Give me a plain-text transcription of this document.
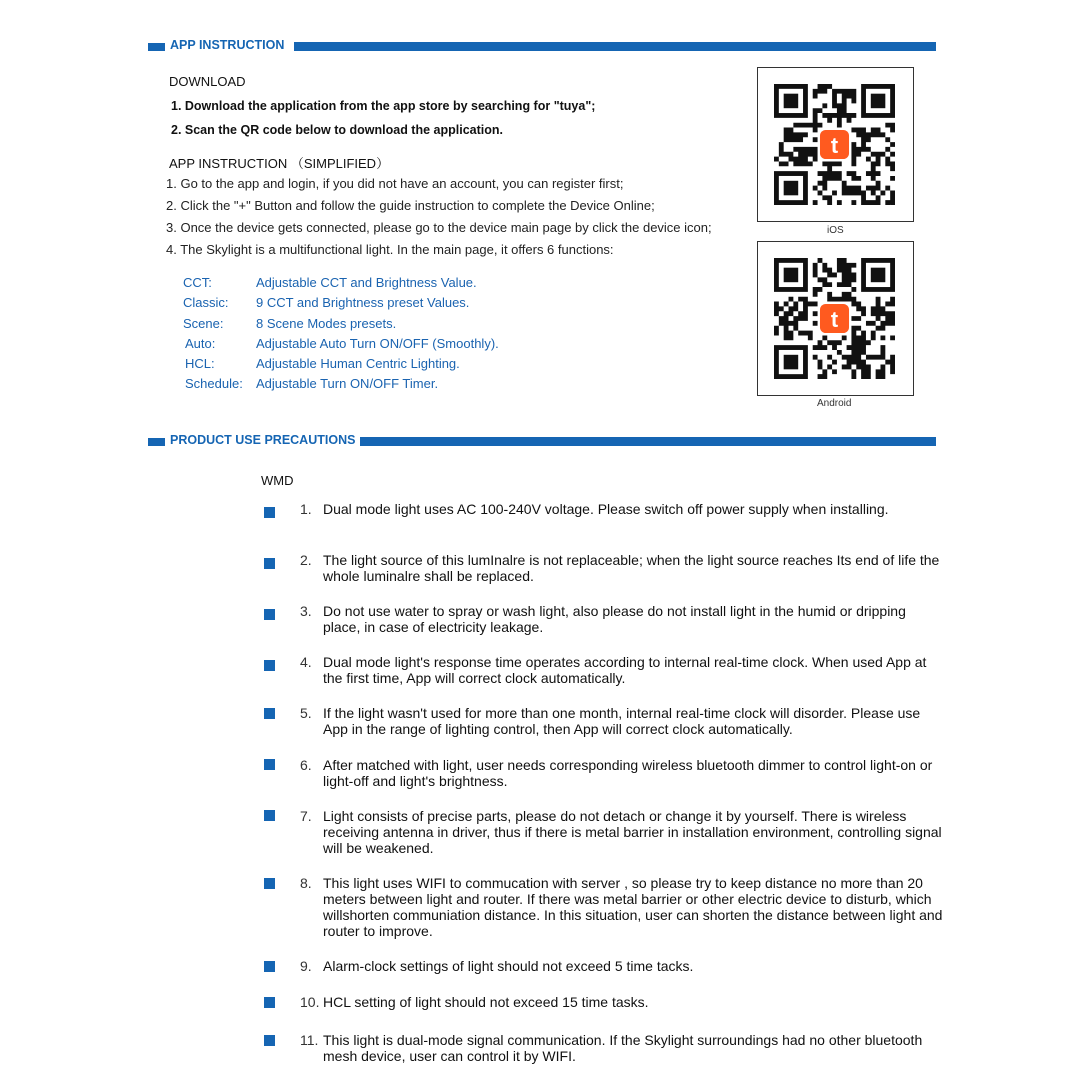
APP INSTRUCTION
DOWNLOAD
1. Download the application from the app store by searching for "tuya";
2. Scan the QR code below to download the application.
APP INSTRUCTION （SIMPLIFIED）
1. Go to the app and login, if you did not have an account, you can register first;
2. Click the "+" Button and follow the guide instruction to complete the Device Online;
3. Once the device gets connected, please go to the device main page by click the device icon;
4. The Skylight is a multifunctional light. In the main page, it offers 6 functions:
CCT:	Adjustable CCT and Brightness Value.
Classic: 9 CCT and Brightness preset Values.
Scene:	8 Scene Modes presets.
Auto:	Adjustable Auto Turn ON/OFF (Smoothly).
HCL:	Adjustable Human Centric Lighting.
Schedule: Adjustable Turn ON/OFF Timer.
t
iOS
t
Android
PRODUCT USE PRECAUTIONS
WMD
1. Dual mode light uses AC 100-240V voltage. Please switch off power supply when installing.
2. The light source of this lumInalre is not replaceable; when the light source reaches Its end of life the whole luminalre shall be replaced.
3. Do not use water to spray or wash light, also please do not install light in the humid or dripping place, in case of electricity leakage.
4. Dual mode light's response time operates according to internal real-time clock. When used App at the first time, App will correct clock automatically.
5. If the light wasn't used for more than one month, internal real-time clock will disorder. Please use App in the range of lighting control, then App will correct clock automatically.
6. After matched with light, user needs corresponding wireless bluetooth dimmer to control light-on or light-off and light's brightness.
7. Light consists of precise parts, please do not detach or change it by yourself. There is wireless receiving antenna in driver, thus if there is metal barrier in installation environment, controlling signal will be weakened.
8. This light uses WIFI to commucation with server , so please try to keep distance no more than 20 meters between light and router. If there was metal barrier or other electric device to disturb, which willshorten communiation distance. In this situation, user can shorten the distance between light and router to improve.
9. Alarm-clock settings of light should not exceed 5 time tacks.
10. HCL setting of light should not exceed 15 time tasks.
11. This light is dual-mode signal communication. If the Skylight surroundings had no other bluetooth mesh device, user can control it by WIFI.
